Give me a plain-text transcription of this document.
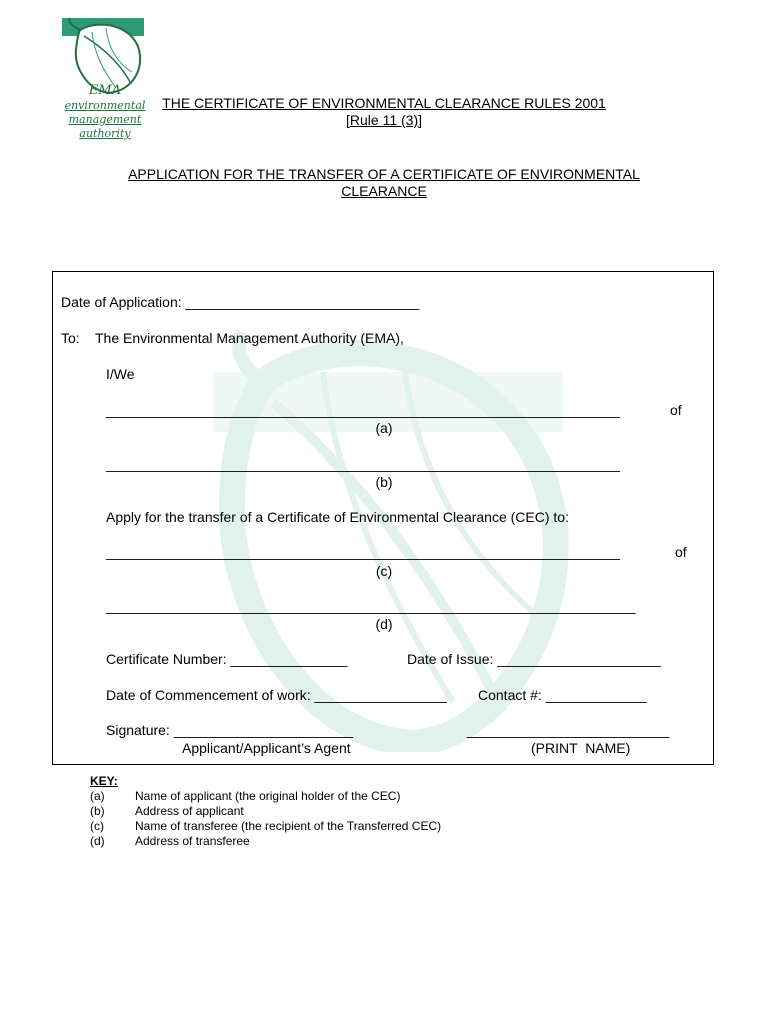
EMA
environmental
management
authority
THE CERTIFICATE OF ENVIRONMENTAL CLEARANCE RULES 2001
[Rule 11 (3)]
APPLICATION FOR THE TRANSFER OF A CERTIFICATE OF ENVIRONMENTAL
CLEARANCE
Date of Application: ______________________________
To: The Environmental Management Authority (EMA),
I/We
__________________________________________________________________	of
(a)
__________________________________________________________________
(b)
Apply for the transfer of a Certificate of Environmental Clearance (CEC) to:
__________________________________________________________________	of
(c)
____________________________________________________________________
(d)
Certificate Number: _______________	Date of Issue: _____________________
Date of Commencement of work: _________________ Contact #: _____________
Signature: _______________________	__________________________
Applicant/Applicant’s Agent	(PRINT  NAME)
KEY:
(a)	Name of applicant (the original holder of the CEC)
(b)	Address of applicant
(c)	Name of transferee (the recipient of the Transferred CEC)
(d)	Address of transferee
